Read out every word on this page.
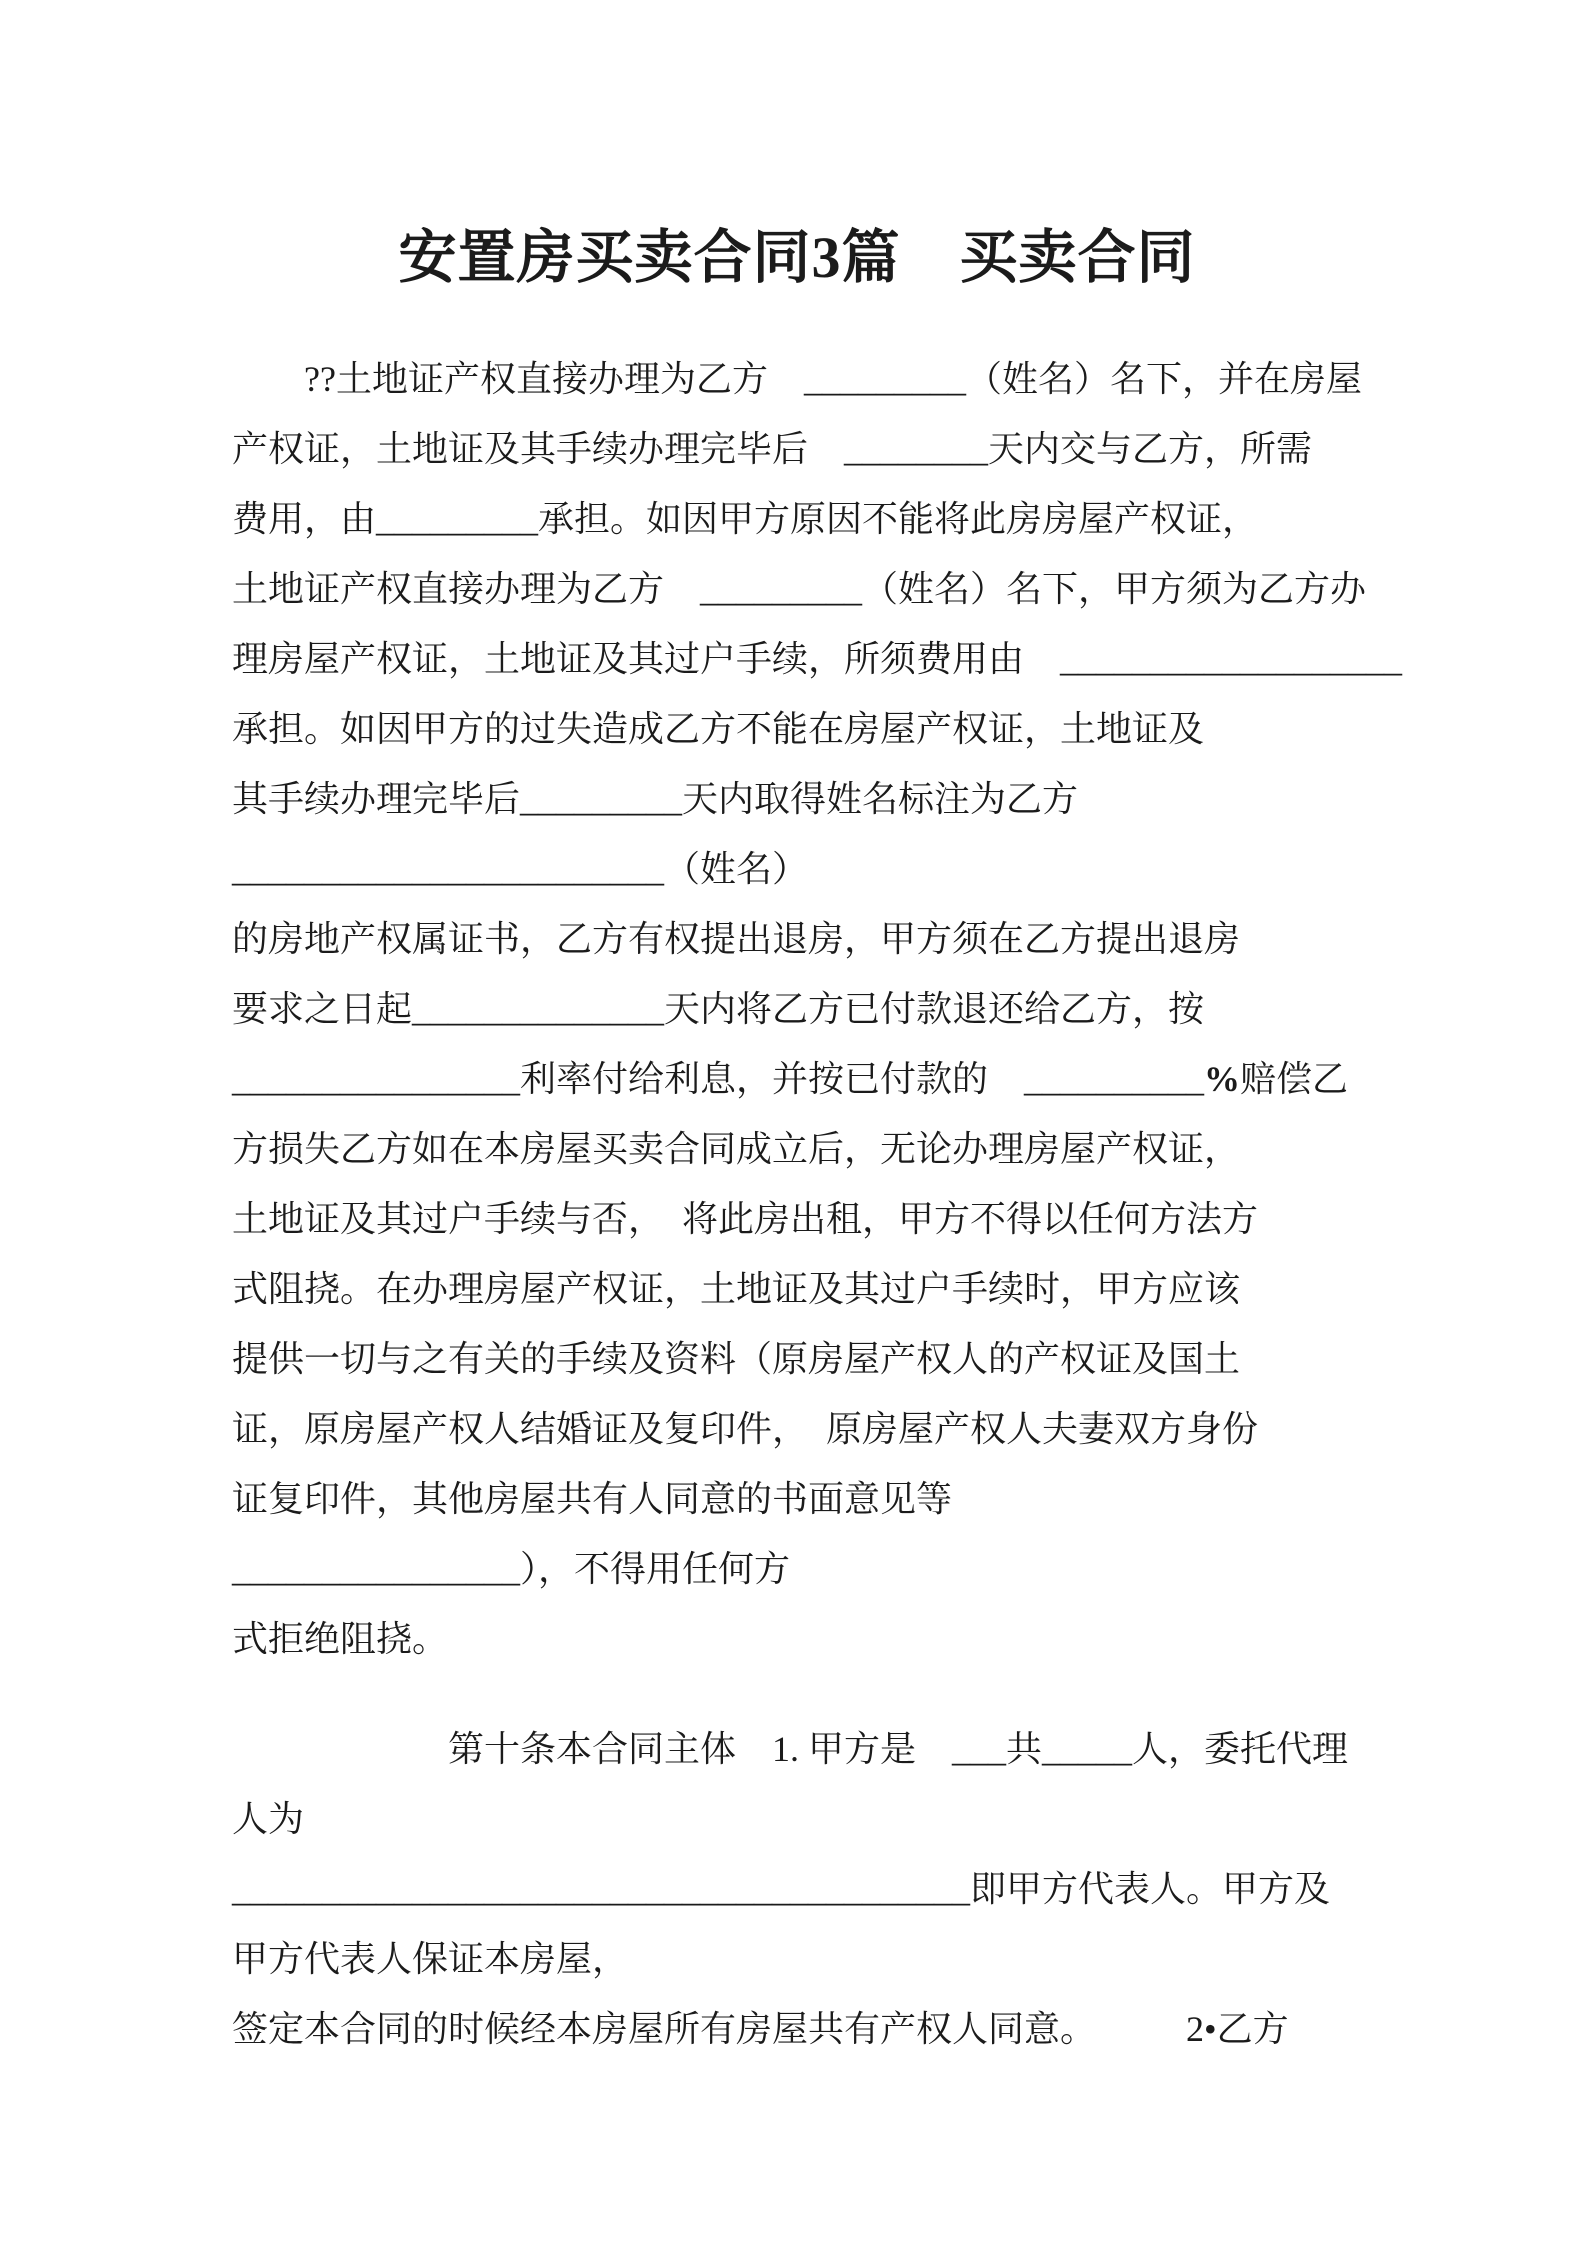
安置房买卖合同3篇　买卖合同
　　??土地证产权直接办理为乙方　_________（姓名）名下，并在房屋
产权证，土地证及其手续办理完毕后　________天内交与乙方，所需
费用，由_________承担。如因甲方原因不能将此房房屋产权证，
土地证产权直接办理为乙方　_________（姓名）名下，甲方须为乙方办
理房屋产权证，土地证及其过户手续，所须费用由　___________________
承担。如因甲方的过失造成乙方不能在房屋产权证，土地证及
其手续办理完毕后_________天内取得姓名标注为乙方
________________________（姓名）
的房地产权属证书，乙方有权提出退房，甲方须在乙方提出退房
要求之日起______________天内将乙方已付款退还给乙方，按
________________利率付给利息，并按已付款的　__________%赔偿乙
方损失乙方如在本房屋买卖合同成立后，无论办理房屋产权证，
土地证及其过户手续与否，　将此房出租，甲方不得以任何方法方
式阻挠。在办理房屋产权证，土地证及其过户手续时，甲方应该
提供一切与之有关的手续及资料（原房屋产权人的产权证及国土
证，原房屋产权人结婚证及复印件，　原房屋产权人夫妻双方身份
证复印件，其他房屋共有人同意的书面意见等
________________），不得用任何方
式拒绝阻挠。
　　　　　　第十条本合同主体　1. 甲方是　___共_____人，委托代理
人为
_________________________________________即甲方代表人。甲方及
甲方代表人保证本房屋，
签定本合同的时候经本房屋所有房屋共有产权人同意。　　　2•乙方
